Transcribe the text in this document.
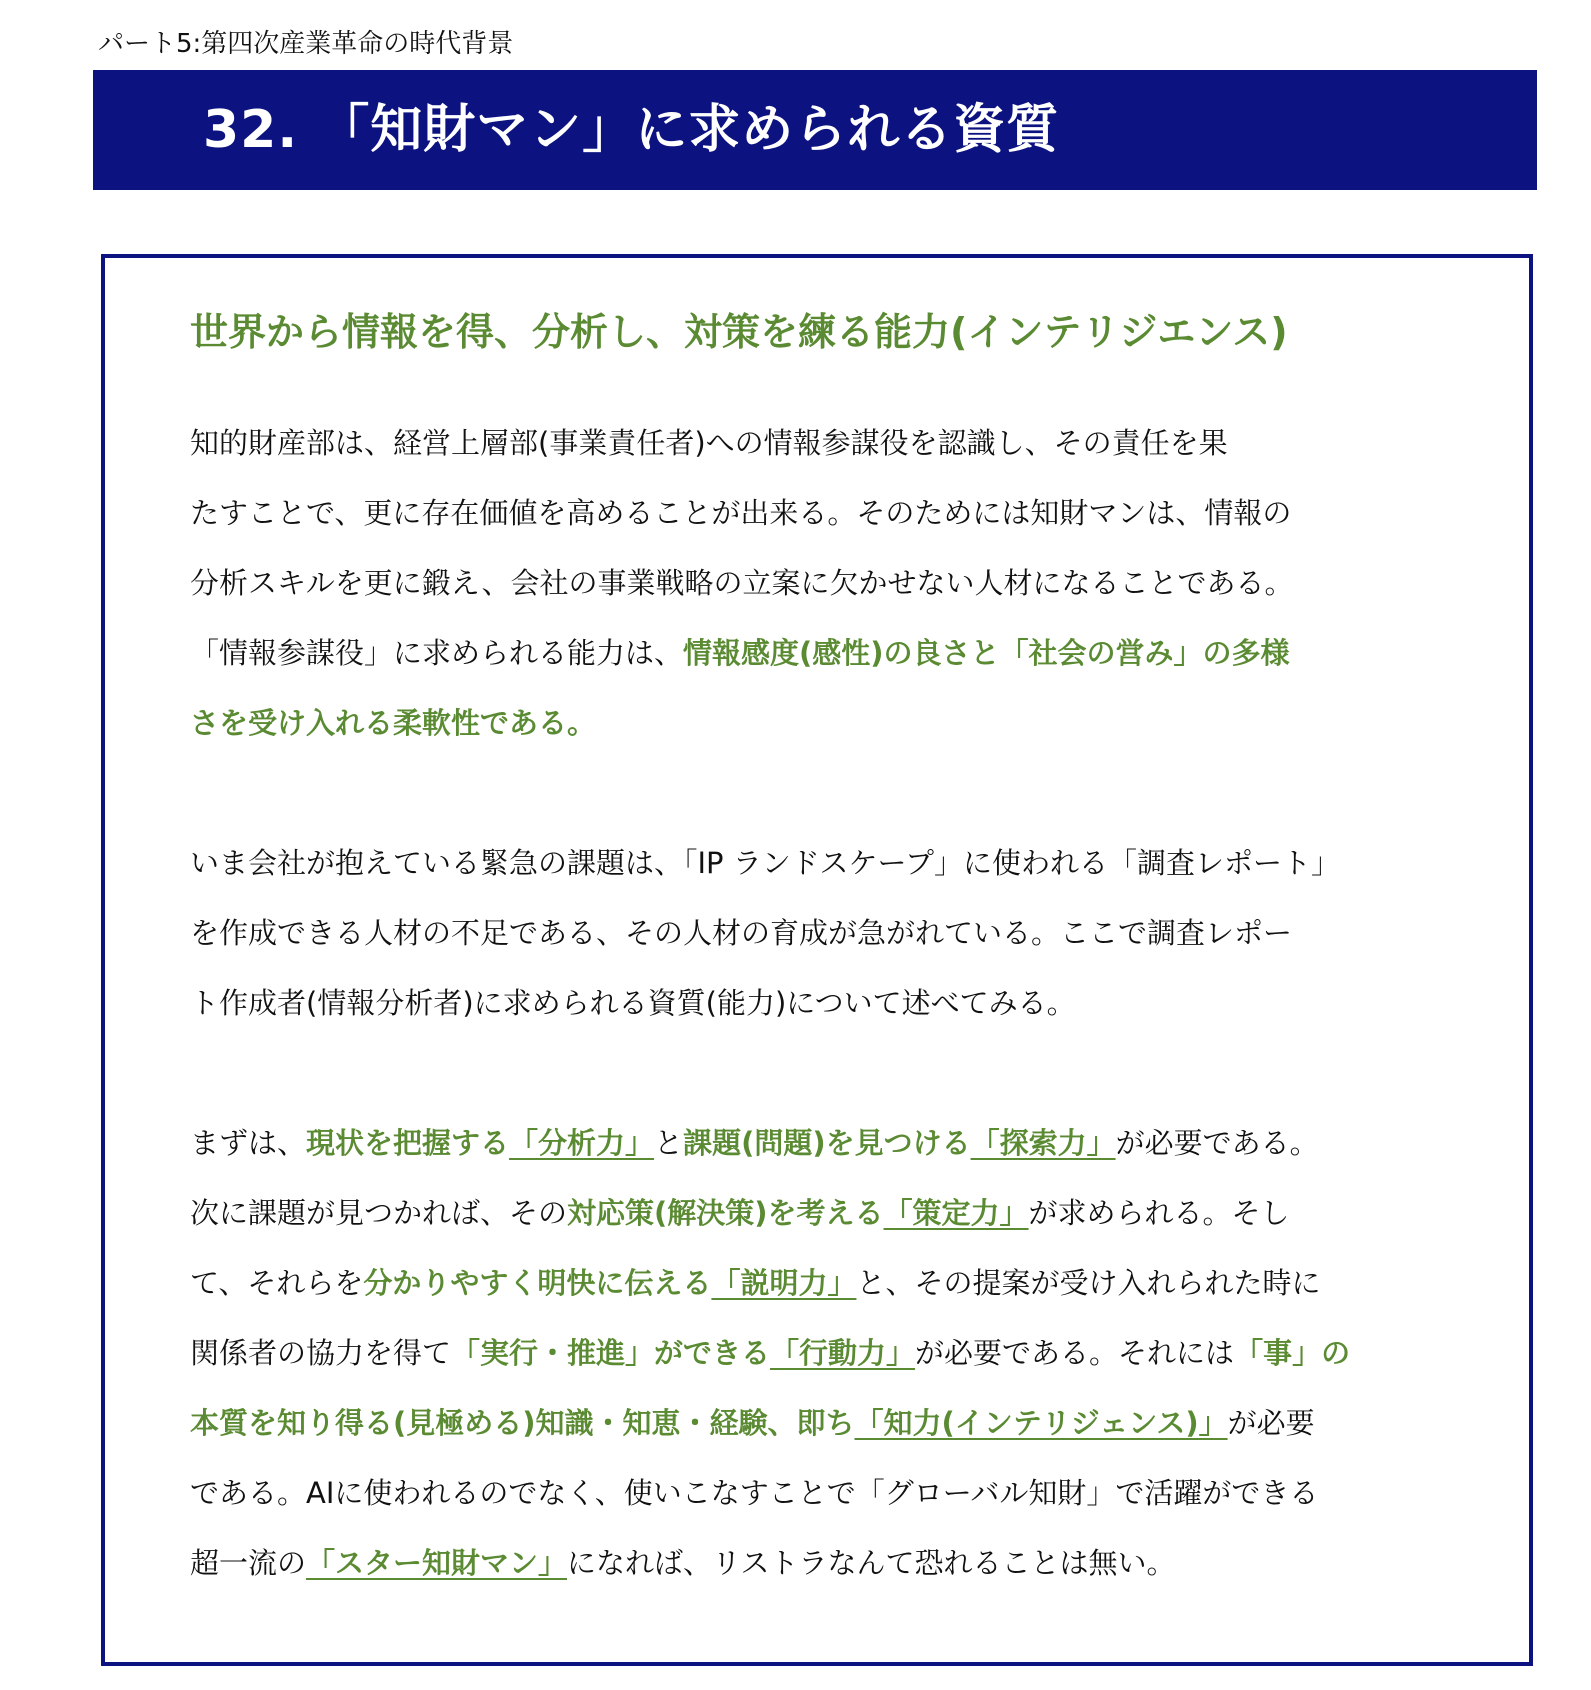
パート5:第四次産業革命の時代背景
32. 「知財マン」に求められる資質
世界から情報を得、分析し、対策を練る能力(インテリジエンス)
知的財産部は、経営上層部(事業責任者)への情報参謀役を認識し、その責任を果
たすことで、更に存在価値を高めることが出来る。そのためには知財マンは、情報の
分析スキルを更に鍛え、会社の事業戦略の立案に欠かせない人材になることである。
「情報参謀役」に求められる能力は、情報感度(感性)の良さと「社会の営み」の多様
さを受け入れる柔軟性である。
いま会社が抱えている緊急の課題は、「IP ランドスケープ」に使われる「調査レポート」
を作成できる人材の不足である、その人材の育成が急がれている。ここで調査レポー
ト作成者(情報分析者)に求められる資質(能力)について述べてみる。
まずは、現状を把握する「分析力」と課題(問題)を見つける「探索力」が必要である。
次に課題が見つかれば、その対応策(解決策)を考える「策定力」が求められる。そし
て、それらを分かりやすく明快に伝える「説明力」と、その提案が受け入れられた時に
関係者の協力を得て「実行・推進」ができる「行動力」が必要である。それには「事」の
本質を知り得る(見極める)知識・知恵・経験、即ち「知力(インテリジェンス)」が必要
である。AIに使われるのでなく、使いこなすことで「グローバル知財」で活躍ができる
超一流の「スター知財マン」になれば、リストラなんて恐れることは無い。
